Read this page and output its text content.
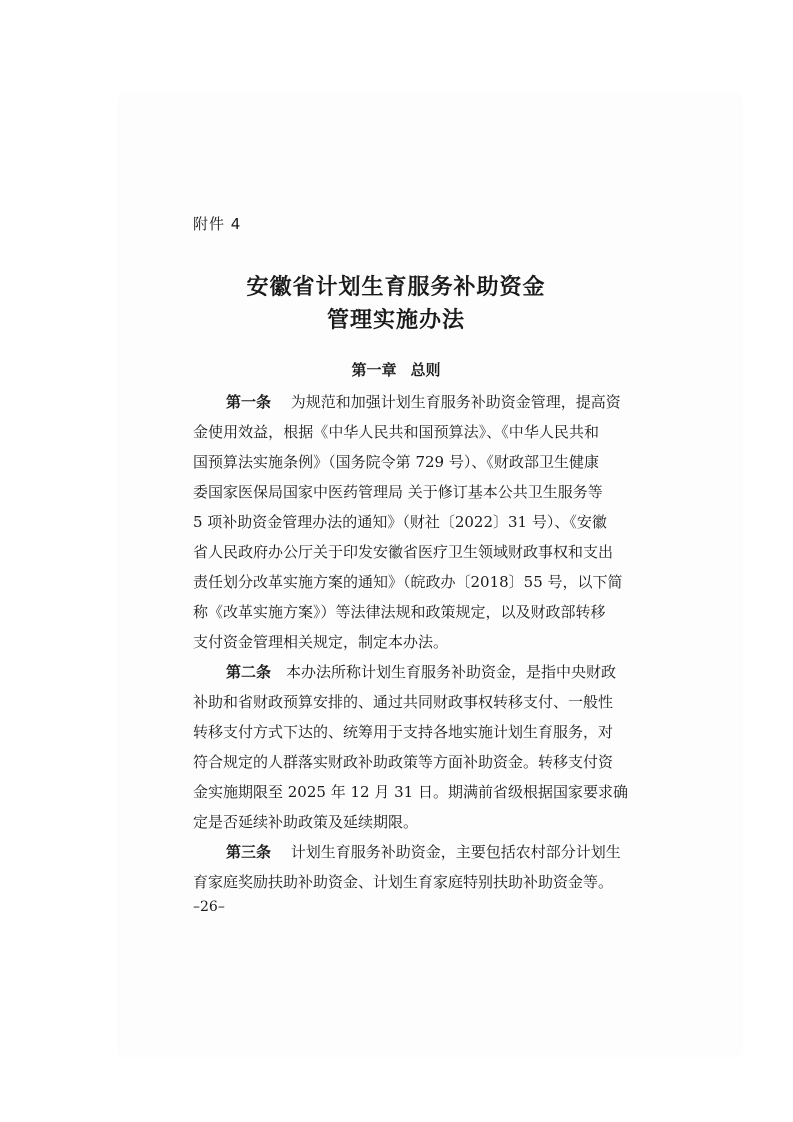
附件 4
安徽省计划生育服务补助资金
管理实施办法
第一章 总则
第一条　 为规范和加强计划生育服务补助资金管理，提高资
金使用效益，根据《中华人民共和国预算法》、《中华人民共和
国预算法实施条例》（国务院令第 729 号）、《财政部卫生健康
委国家医保局国家中医药管理局 关于修订基本公共卫生服务等
5 项补助资金管理办法的通知》（财社〔2022〕31 号）、《安徽
省人民政府办公厅关于印发安徽省医疗卫生领域财政事权和支出
责任划分改革实施方案的通知》（皖政办〔2018〕55 号，以下简
称《改革实施方案》）等法律法规和政策规定，以及财政部转移
支付资金管理相关规定，制定本办法。
第二条　 本办法所称计划生育服务补助资金，是指中央财政
补助和省财政预算安排的、通过共同财政事权转移支付、一般性
转移支付方式下达的、统筹用于支持各地实施计划生育服务，对
符合规定的人群落实财政补助政策等方面补助资金。转移支付资
金实施期限至 2025 年 12 月 31 日。期满前省级根据国家要求确
定是否延续补助政策及延续期限。
第三条　 计划生育服务补助资金，主要包括农村部分计划生
育家庭奖励扶助补助资金、计划生育家庭特别扶助补助资金等。
–26–
